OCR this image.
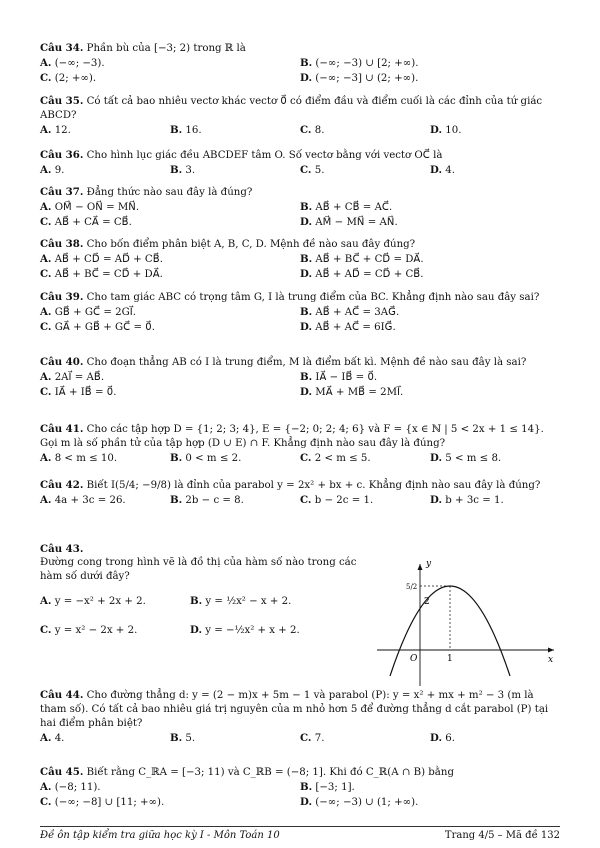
Câu 34. Phần bù của [−3; 2) trong ℝ là
A. (−∞; −3).	B. (−∞; −3) ∪ [2; +∞).
C. (2; +∞).	D. (−∞; −3] ∪ (2; +∞).
Câu 35. Có tất cả bao nhiêu vectơ khác vectơ 0⃗ có điểm đầu và điểm cuối là các đỉnh của tứ giác ABCD?
A. 12.	B. 16.	C. 8.	D. 10.
Câu 36. Cho hình lục giác đều ABCDEF tâm O. Số vectơ bằng với vectơ OC⃗ là
A. 9.	B. 3.	C. 5.	D. 4.
Câu 37. Đẳng thức nào sau đây là đúng?
A. OM⃗ − ON⃗ = MN⃗.	B. AB⃗ + CB⃗ = AC⃗.
C. AB⃗ + CA⃗ = CB⃗.	D. AM⃗ − MN⃗ = AN⃗.
Câu 38. Cho bốn điểm phân biệt A, B, C, D. Mệnh đề nào sau đây đúng?
A. AB⃗ + CD⃗ = AD⃗ + CB⃗.	B. AB⃗ + BC⃗ + CD⃗ = DA⃗.
C. AB⃗ + BC⃗ = CD⃗ + DA⃗.	D. AB⃗ + AD⃗ = CD⃗ + CB⃗.
Câu 39. Cho tam giác ABC có trọng tâm G, I là trung điểm của BC. Khẳng định nào sau đây sai?
A. GB⃗ + GC⃗ = 2GI⃗.	B. AB⃗ + AC⃗ = 3AG⃗.
C. GA⃗ + GB⃗ + GC⃗ = 0⃗.	D. AB⃗ + AC⃗ = 6IG⃗.
Câu 40. Cho đoạn thẳng AB có I là trung điểm, M là điểm bất kì. Mệnh đề nào sau đây là sai?
A. 2AI⃗ = AB⃗.	B. IA⃗ − IB⃗ = 0⃗.
C. IA⃗ + IB⃗ = 0⃗.	D. MA⃗ + MB⃗ = 2MI⃗.
Câu 41. Cho các tập hợp D = {1; 2; 3; 4}, E = {−2; 0; 2; 4; 6} và F = {x ∈ ℕ | 5 < 2x + 1 ≤ 14}. Gọi m là số phần tử của tập hợp (D ∪ E) ∩ F. Khẳng định nào sau đây là đúng?
A. 8 < m ≤ 10.	B. 0 < m ≤ 2.	C. 2 < m ≤ 5.	D. 5 < m ≤ 8.
Câu 42. Biết I(5/4; −9/8) là đỉnh của parabol y = 2x² + bx + c. Khẳng định nào sau đây là đúng?
A. 4a + 3c = 26.	B. 2b − c = 8.	C. b − 2c = 1.	D. b + 3c = 1.
Câu 43.
Đường cong trong hình vẽ là đồ thị của hàm số nào trong các hàm số dưới đây?
A. y = −x² + 2x + 2.	B. y = ½x² − x + 2.
C. y = x² − 2x + 2.	D. y = −½x² + x + 2.
y
x
O	1
2
5/2
Câu 44. Cho đường thẳng d: y = (2 − m)x + 5m − 1 và parabol (P): y = x² + mx + m² − 3 (m là tham số). Có tất cả bao nhiêu giá trị nguyên của m nhỏ hơn 5 để đường thẳng d cắt parabol (P) tại hai điểm phân biệt?
A. 4.	B. 5.	C. 7.	D. 6.
Câu 45. Biết rằng C_ℝA = [−3; 11) và C_ℝB = (−8; 1]. Khi đó C_ℝ(A ∩ B) bằng
A. (−8; 11).	B. [−3; 1].
C. (−∞; −8] ∪ [11; +∞).	D. (−∞; −3) ∪ (1; +∞).
Đề ôn tập kiểm tra giữa học kỳ I - Môn Toán 10	Trang 4/5 – Mã đề 132
